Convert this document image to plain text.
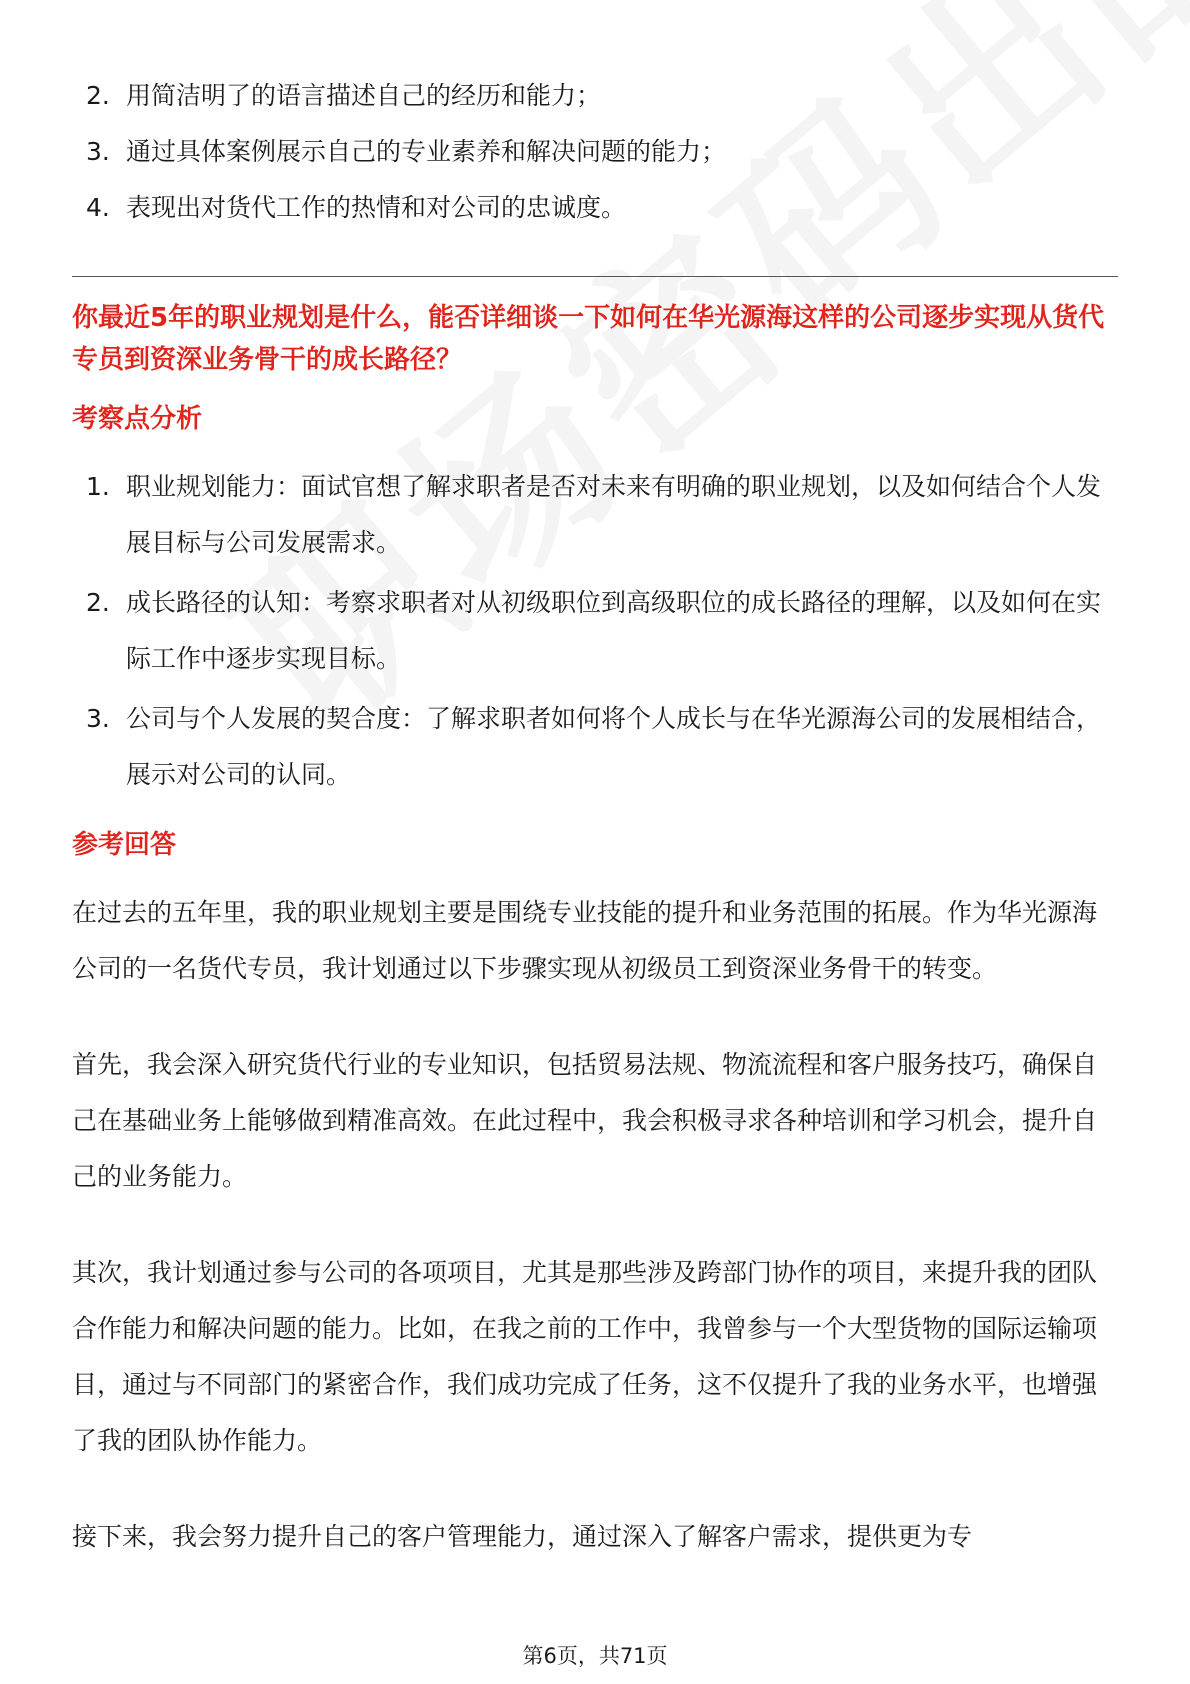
2. 用简洁明了的语言描述自己的经历和能力；
3. 通过具体案例展示自己的专业素养和解决问题的能力；
4. 表现出对货代工作的热情和对公司的忠诚度。
你最近5年的职业规划是什么，能否详细谈一下如何在华光源海这样的公司逐步实现从货代专员到资深业务骨干的成长路径？
考察点分析
1. 职业规划能力：面试官想了解求职者是否对未来有明确的职业规划，以及如何结合个人发展目标与公司发展需求。
2. 成长路径的认知：考察求职者对从初级职位到高级职位的成长路径的理解，以及如何在实际工作中逐步实现目标。
3. 公司与个人发展的契合度：了解求职者如何将个人成长与在华光源海公司的发展相结合，展示对公司的认同。
参考回答

在过去的五年里，我的职业规划主要是围绕专业技能的提升和业务范围的拓展。作为华光源海公司的一名货代专员，我计划通过以下步骤实现从初级员工到资深业务骨干的转变。

首先，我会深入研究货代行业的专业知识，包括贸易法规、物流流程和客户服务技巧，确保自己在基础业务上能够做到精准高效。在此过程中，我会积极寻求各种培训和学习机会，提升自己的业务能力。

其次，我计划通过参与公司的各项项目，尤其是那些涉及跨部门协作的项目，来提升我的团队合作能力和解决问题的能力。比如，在我之前的工作中，我曾参与一个大型货物的国际运输项目，通过与不同部门的紧密合作，我们成功完成了任务，这不仅提升了我的业务水平，也增强了我的团队协作能力。

接下来，我会努力提升自己的客户管理能力，通过深入了解客户需求，提供更为专

第6页，共71页
